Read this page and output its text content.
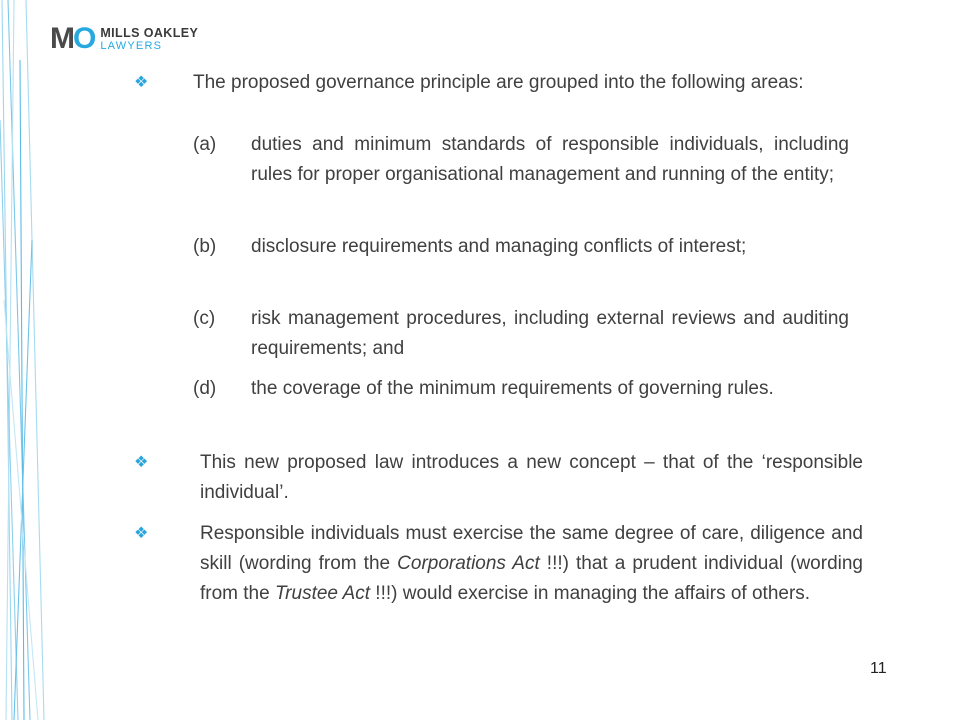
MO MILLS OAKLEY
LAWYERS
❖ The proposed governance principle are grouped into the following areas:
(a) duties and minimum standards of responsible individuals, including rules for proper organisational management and running of the entity;
(b) disclosure requirements and managing conflicts of interest;
(c) risk management procedures, including external reviews and auditing requirements; and
(d) the coverage of the minimum requirements of governing rules.
❖	This new proposed law introduces a new concept – that of the ‘responsible individual’.
❖	Responsible individuals must exercise the same degree of care, diligence and skill (wording from the Corporations Act !!!) that a prudent individual (wording from the Trustee Act !!!) would exercise in managing the affairs of others.
11
